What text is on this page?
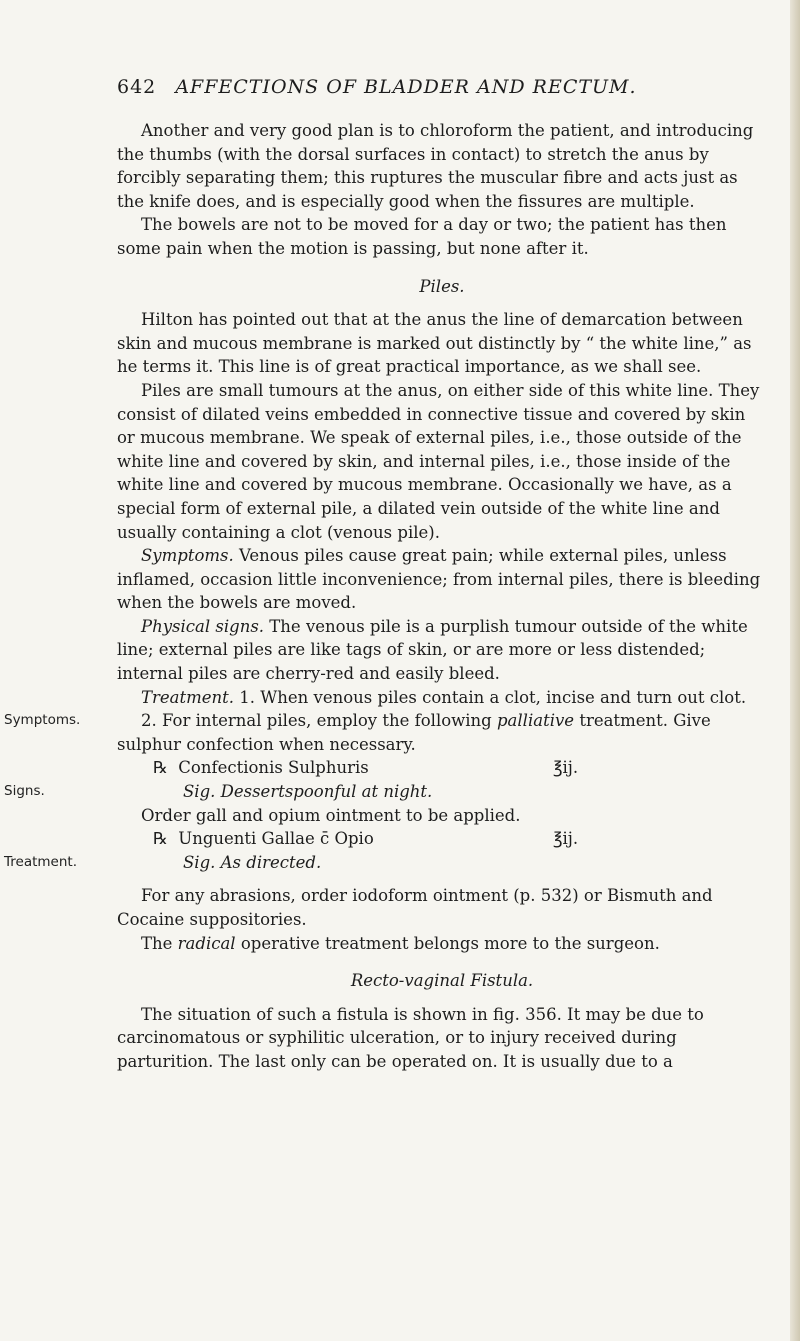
642 AFFECTIONS OF BLADDER AND RECTUM.
Symptoms.
Signs.
Treatment.

Another and very good plan is to chloroform the patient, and introducing the thumbs (with the dorsal surfaces in contact) to stretch the anus by forcibly separating them; this ruptures the muscular fibre and acts just as the knife does, and is especially good when the fissures are multiple.

The bowels are not to be moved for a day or two; the patient has then some pain when the motion is passing, but none after it.

Piles.

Hilton has pointed out that at the anus the line of demarcation between skin and mucous membrane is marked out distinctly by “ the white line,” as he terms it. This line is of great practical importance, as we shall see.

Piles are small tumours at the anus, on either side of this white line. They consist of dilated veins embedded in connective tissue and covered by skin or mucous membrane. We speak of external piles, i.e., those outside of the white line and covered by skin, and internal piles, i.e., those inside of the white line and covered by mucous membrane. Occasionally we have, as a special form of external pile, a dilated vein outside of the white line and usually containing a clot (venous pile).

Symptoms. Venous piles cause great pain; while external piles, unless inflamed, occasion little inconvenience; from internal piles, there is bleeding when the bowels are moved.

Physical signs. The venous pile is a purplish tumour outside of the white line; external piles are like tags of skin, or are more or less distended; internal piles are cherry-red and easily bleed.

Treatment. 1. When venous piles contain a clot, incise and turn out clot.

2. For internal piles, employ the following palliative treatment. Give sulphur confection when necessary.

℞ Confectionis Sulphuris	℥ij.
Sig. Dessertspoonful at night.
Order gall and opium ointment to be applied.
℞ Unguenti Gallae c̄ Opio	℥ij.
Sig. As directed.

For any abrasions, order iodoform ointment (p. 532) or Bismuth and Cocaine suppositories.

The radical operative treatment belongs more to the surgeon.

Recto-vaginal Fistula.

The situation of such a fistula is shown in fig. 356. It may be due to carcinomatous or syphilitic ulceration, or to injury received during parturition. The last only can be operated on. It is usually due to a
